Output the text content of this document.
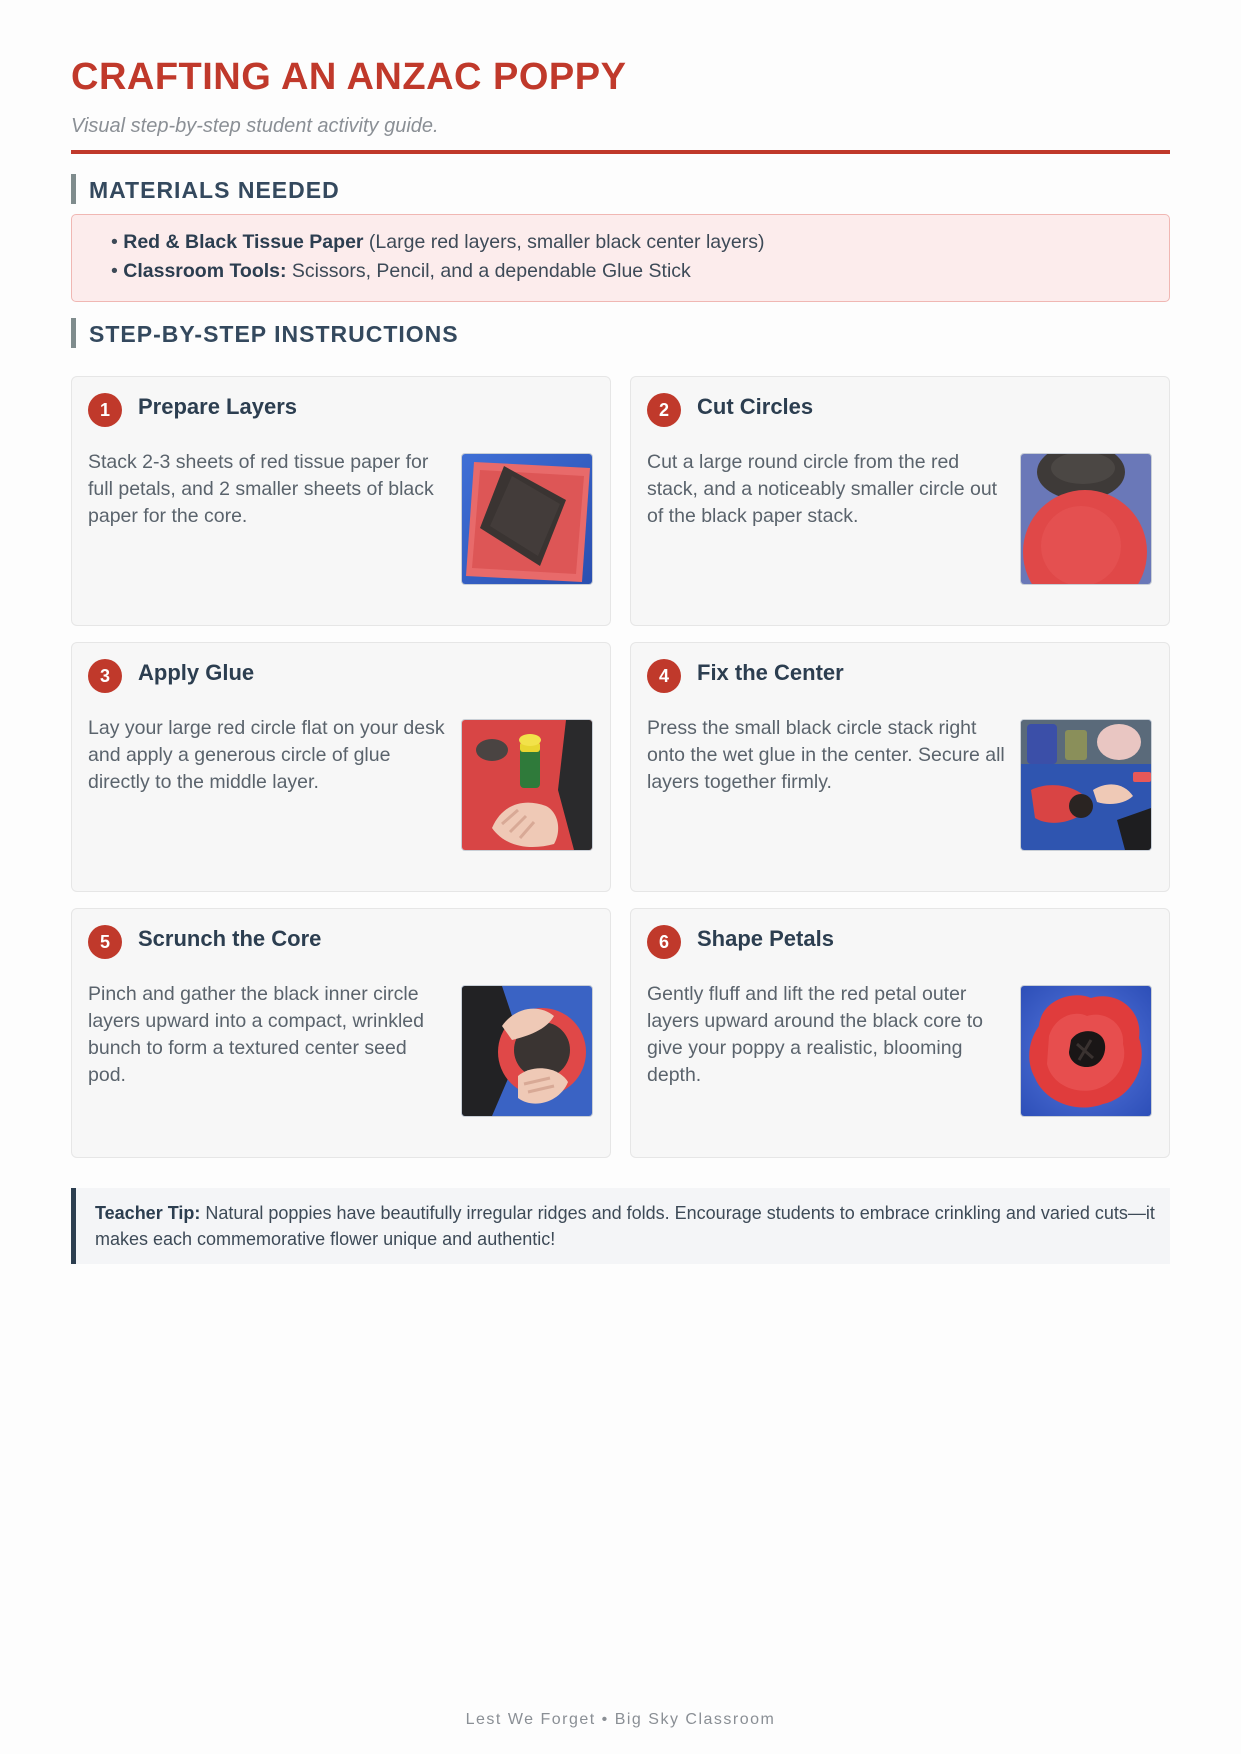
CRAFTING AN ANZAC POPPY
Visual step-by-step student activity guide.
MATERIALS NEEDED
• Red & Black Tissue Paper (Large red layers, smaller black center layers)
• Classroom Tools: Scissors, Pencil, and a dependable Glue Stick
STEP-BY-STEP INSTRUCTIONS
1	Prepare Layers
Stack 2-3 sheets of red tissue paper for full petals, and 2 smaller sheets of black paper for the core.
2	Cut Circles
Cut a large round circle from the red stack, and a noticeably smaller circle out of the black paper stack.
3	Apply Glue
Lay your large red circle flat on your desk and apply a generous circle of glue directly to the middle layer.
4	Fix the Center
Press the small black circle stack right onto the wet glue in the center. Secure all layers together firmly.
5	Scrunch the Core
Pinch and gather the black inner circle layers upward into a compact, wrinkled bunch to form a textured center seed pod.
6	Shape Petals
Gently fluff and lift the red petal outer layers upward around the black core to give your poppy a realistic, blooming depth.
Teacher Tip: Natural poppies have beautifully irregular ridges and folds. Encourage students to embrace crinkling and varied cuts—it makes each commemorative flower unique and authentic!
Lest We Forget • Big Sky Classroom
